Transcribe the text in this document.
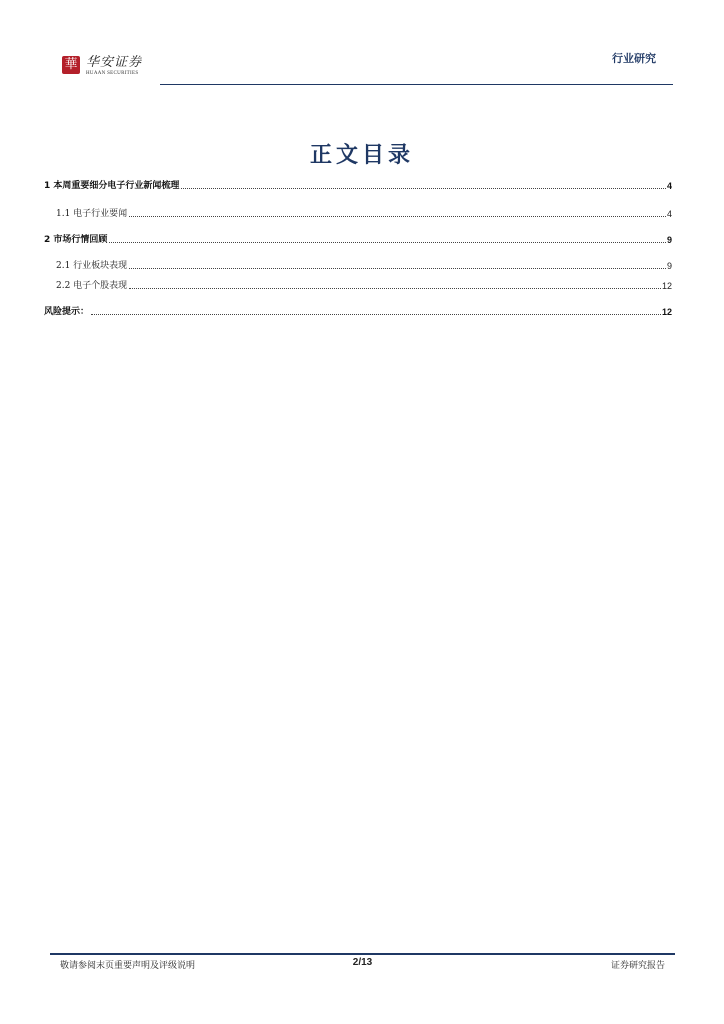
華 华安证券
HUAAN SECURITIES
行业研究
正文目录
1 本周重要细分电子行业新闻梳理	4
1.1 电子行业要闻	4
2 市场行情回顾	9
2.1 行业板块表现	9
2.2 电子个股表现	12
风险提示：	12
敬请参阅末页重要声明及评级说明	2/13	证券研究报告
